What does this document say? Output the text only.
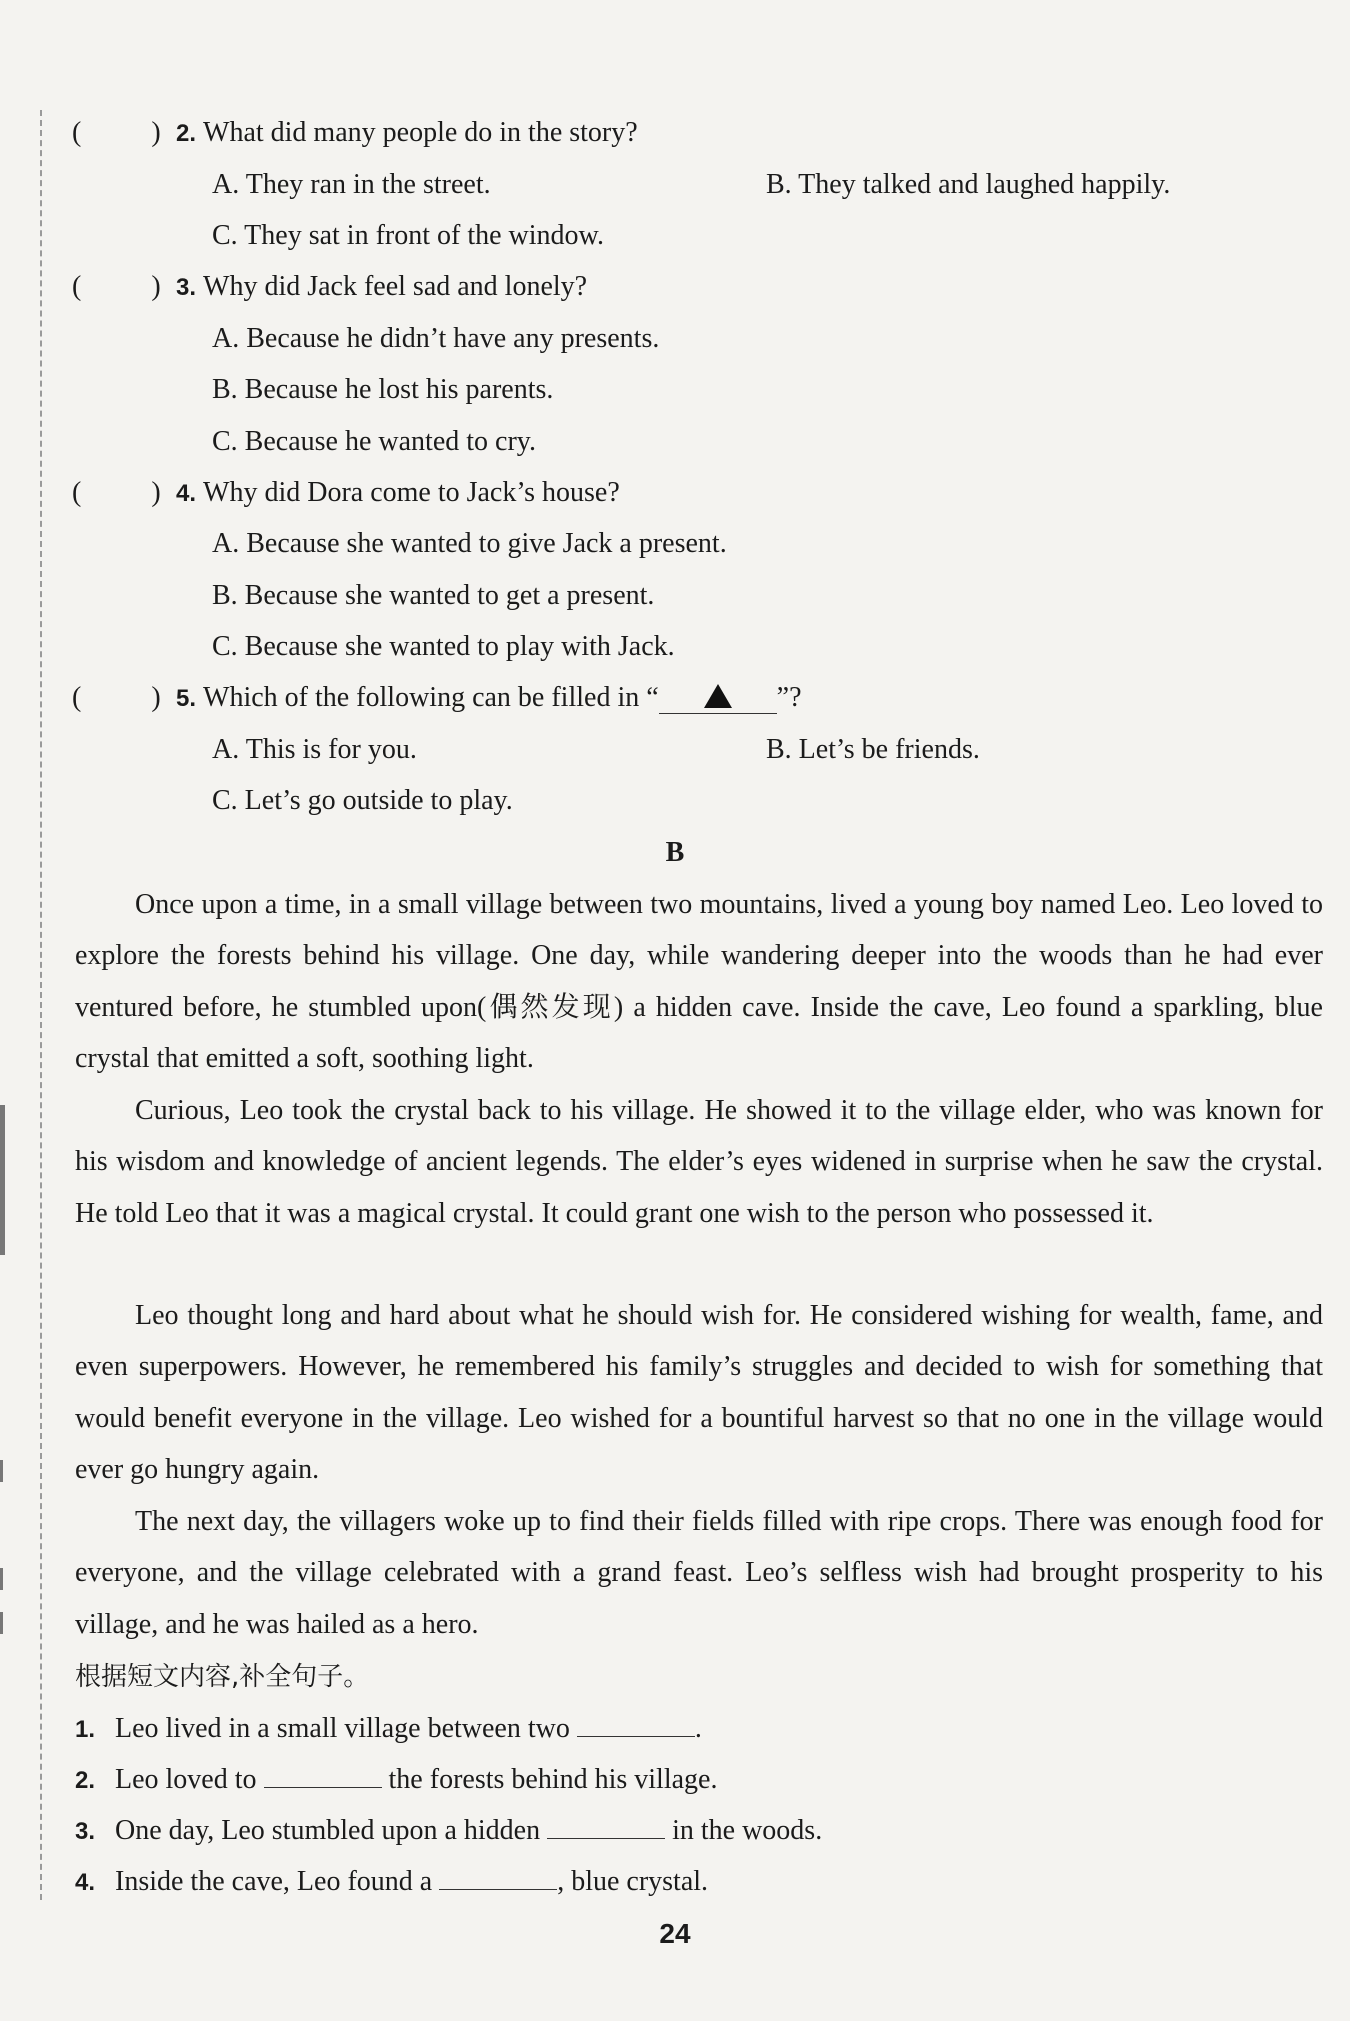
(	) 2. What did many people do in the story?
A. They ran in the street.	B. They talked and laughed happily.
C. They sat in front of the window.
(	) 3. Why did Jack feel sad and lonely?
A. Because he didn’t have any presents.
B. Because he lost his parents.
C. Because he wanted to cry.
(	) 4. Why did Dora come to Jack’s house?
A. Because she wanted to give Jack a present.
B. Because she wanted to get a present.
C. Because she wanted to play with Jack.
(	) 5. Which of the following can be filled in “	”?
A. This is for you.	B. Let’s be friends.
C. Let’s go outside to play.
B
Once upon a time, in a small village between two mountains, lived a young boy named Leo. Leo loved to explore the forests behind his village. One day, while wandering deeper into the woods than he had ever ventured before, he stumbled upon(偶然发现) a hidden cave. Inside the cave, Leo found a sparkling, blue crystal that emitted a soft, soothing light.
Curious, Leo took the crystal back to his village. He showed it to the village elder, who was known for his wisdom and knowledge of ancient legends. The elder’s eyes widened in surprise when he saw the crystal. He told Leo that it was a magical crystal. It could grant one wish to the person who possessed it.
Leo thought long and hard about what he should wish for. He considered wishing for wealth, fame, and even superpowers. However, he remembered his family’s struggles and decided to wish for something that would benefit everyone in the village. Leo wished for a bountiful harvest so that no one in the village would ever go hungry again.
The next day, the villagers woke up to find their fields filled with ripe crops. There was enough food for everyone, and the village celebrated with a grand feast. Leo’s selfless wish had brought prosperity to his village, and he was hailed as a hero.
根据短文内容,补全句子。
1. Leo lived in a small village between two	.
2. Leo loved to	the forests behind his village.
3. One day, Leo stumbled upon a hidden	in the woods.
4. Inside the cave, Leo found a	, blue crystal.
24
